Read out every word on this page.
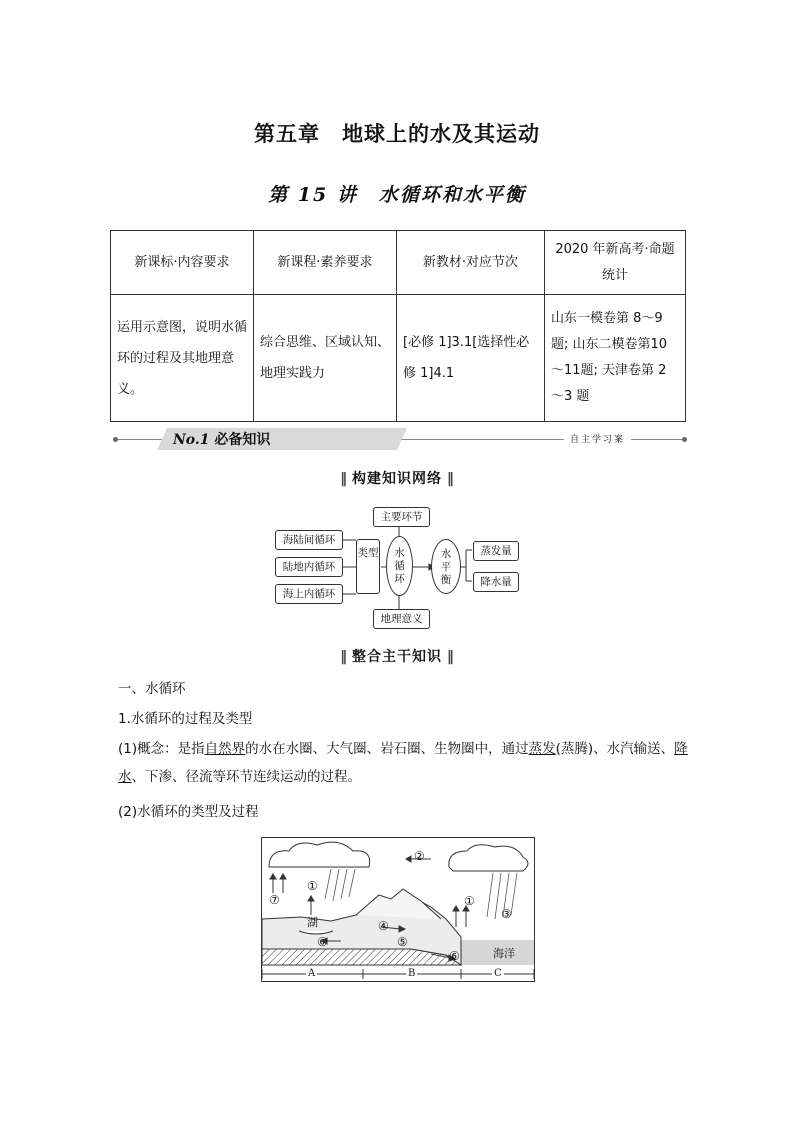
第五章　地球上的水及其运动
第 15 讲　水循环和水平衡
新课标·内容要求	新课程·素养要求	新教材·对应节次	2020 年新高考·命题统计
运用示意图，说明水循环的过程及其地理意义。	综合思维、区域认知、地理实践力	[必修 1]3.1[选择性必修 1]4.1	山东一模卷第 8～9 题; 山东二模卷第10～11题; 天津卷第 2～3 题
No.1 必备知识	自主学习案
‖ 构建知识网络 ‖
海陆间循环
陆地内循环
海上内循环
类型
主要环节
地理意义
水循环
水平衡
蒸发量
降水量
‖ 整合主干知识 ‖
一、水循环
1.水循环的过程及类型
(1)概念：是指自然界的水在水圈、大气圈、岩石圈、生物圈中，通过蒸发(蒸腾)、水汽输送、降水、下渗、径流等环节连续运动的过程。
(2)水循环的类型及过程
①
②
③
④
⑤
⑥
⑦
⑥
①
湖
海洋
A	B	C
